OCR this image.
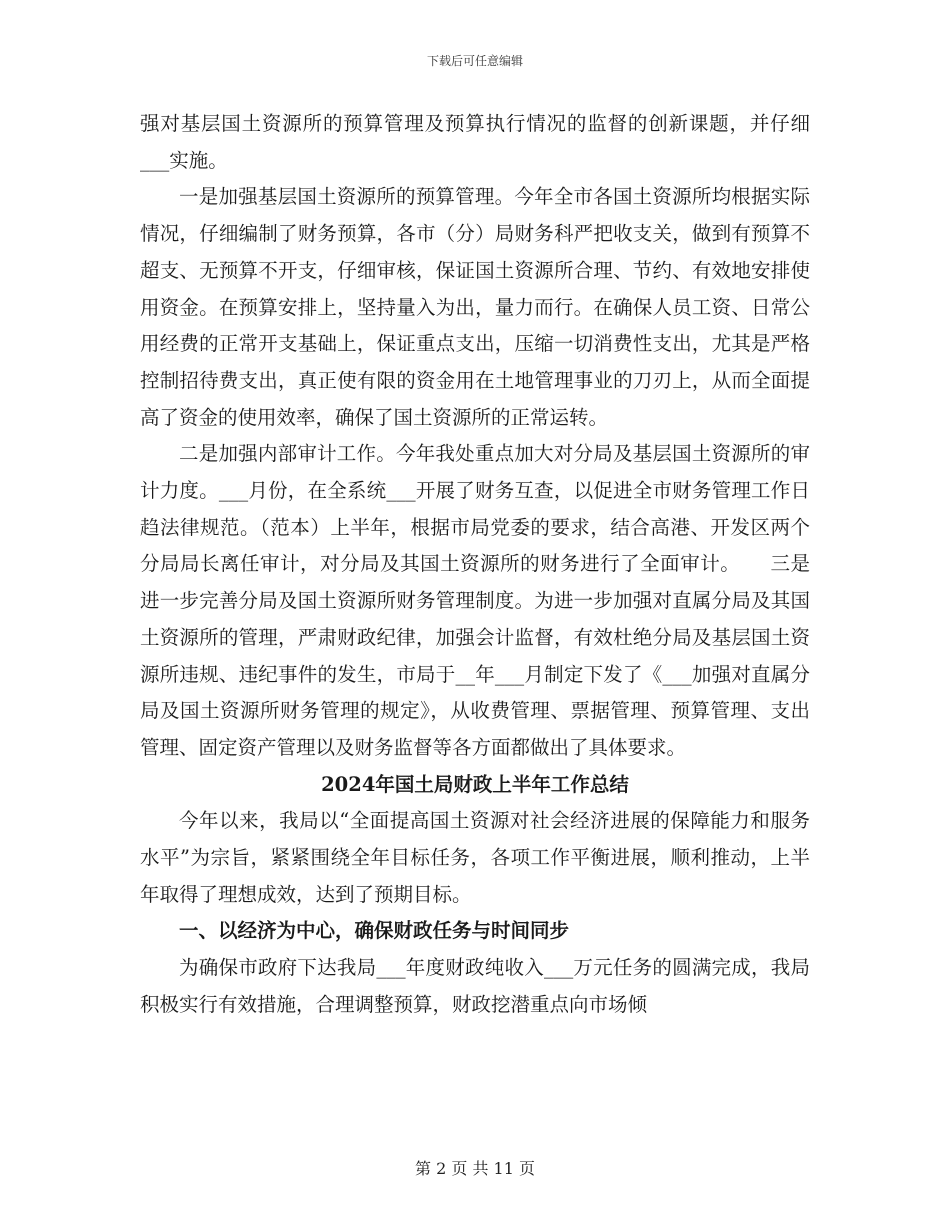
下载后可任意编辑

强对基层国土资源所的预算管理及预算执行情况的监督的创新课题，并仔细___实施。

一是加强基层国土资源所的预算管理。今年全市各国土资源所均根据实际情况，仔细编制了财务预算，各市（分）局财务科严把收支关，做到有预算不超支、无预算不开支，仔细审核，保证国土资源所合理、节约、有效地安排使用资金。在预算安排上，坚持量入为出，量力而行。在确保人员工资、日常公用经费的正常开支基础上，保证重点支出，压缩一切消费性支出，尤其是严格控制招待费支出，真正使有限的资金用在土地管理事业的刀刃上，从而全面提高了资金的使用效率，确保了国土资源所的正常运转。

二是加强内部审计工作。今年我处重点加大对分局及基层国土资源所的审计力度。___月份，在全系统___开展了财务互查，以促进全市财务管理工作日趋法律规范。（范本）上半年，根据市局党委的要求，结合高港、开发区两个分局局长离任审计，对分局及其国土资源所的财务进行了全面审计。　　三是进一步完善分局及国土资源所财务管理制度。为进一步加强对直属分局及其国土资源所的管理，严肃财政纪律，加强会计监督，有效杜绝分局及基层国土资源所违规、违纪事件的发生，市局于__年___月制定下发了《___加强对直属分局及国土资源所财务管理的规定》，从收费管理、票据管理、预算管理、支出管理、固定资产管理以及财务监督等各方面都做出了具体要求。

2024年国土局财政上半年工作总结

今年以来，我局以“全面提高国土资源对社会经济进展的保障能力和服务水平”为宗旨，紧紧围绕全年目标任务，各项工作平衡进展，顺利推动，上半年取得了理想成效，达到了预期目标。

一、以经济为中心，确保财政任务与时间同步

为确保市政府下达我局___年度财政纯收入___万元任务的圆满完成，我局积极实行有效措施，合理调整预算，财政挖潜重点向市场倾

第 2 页 共 11 页
